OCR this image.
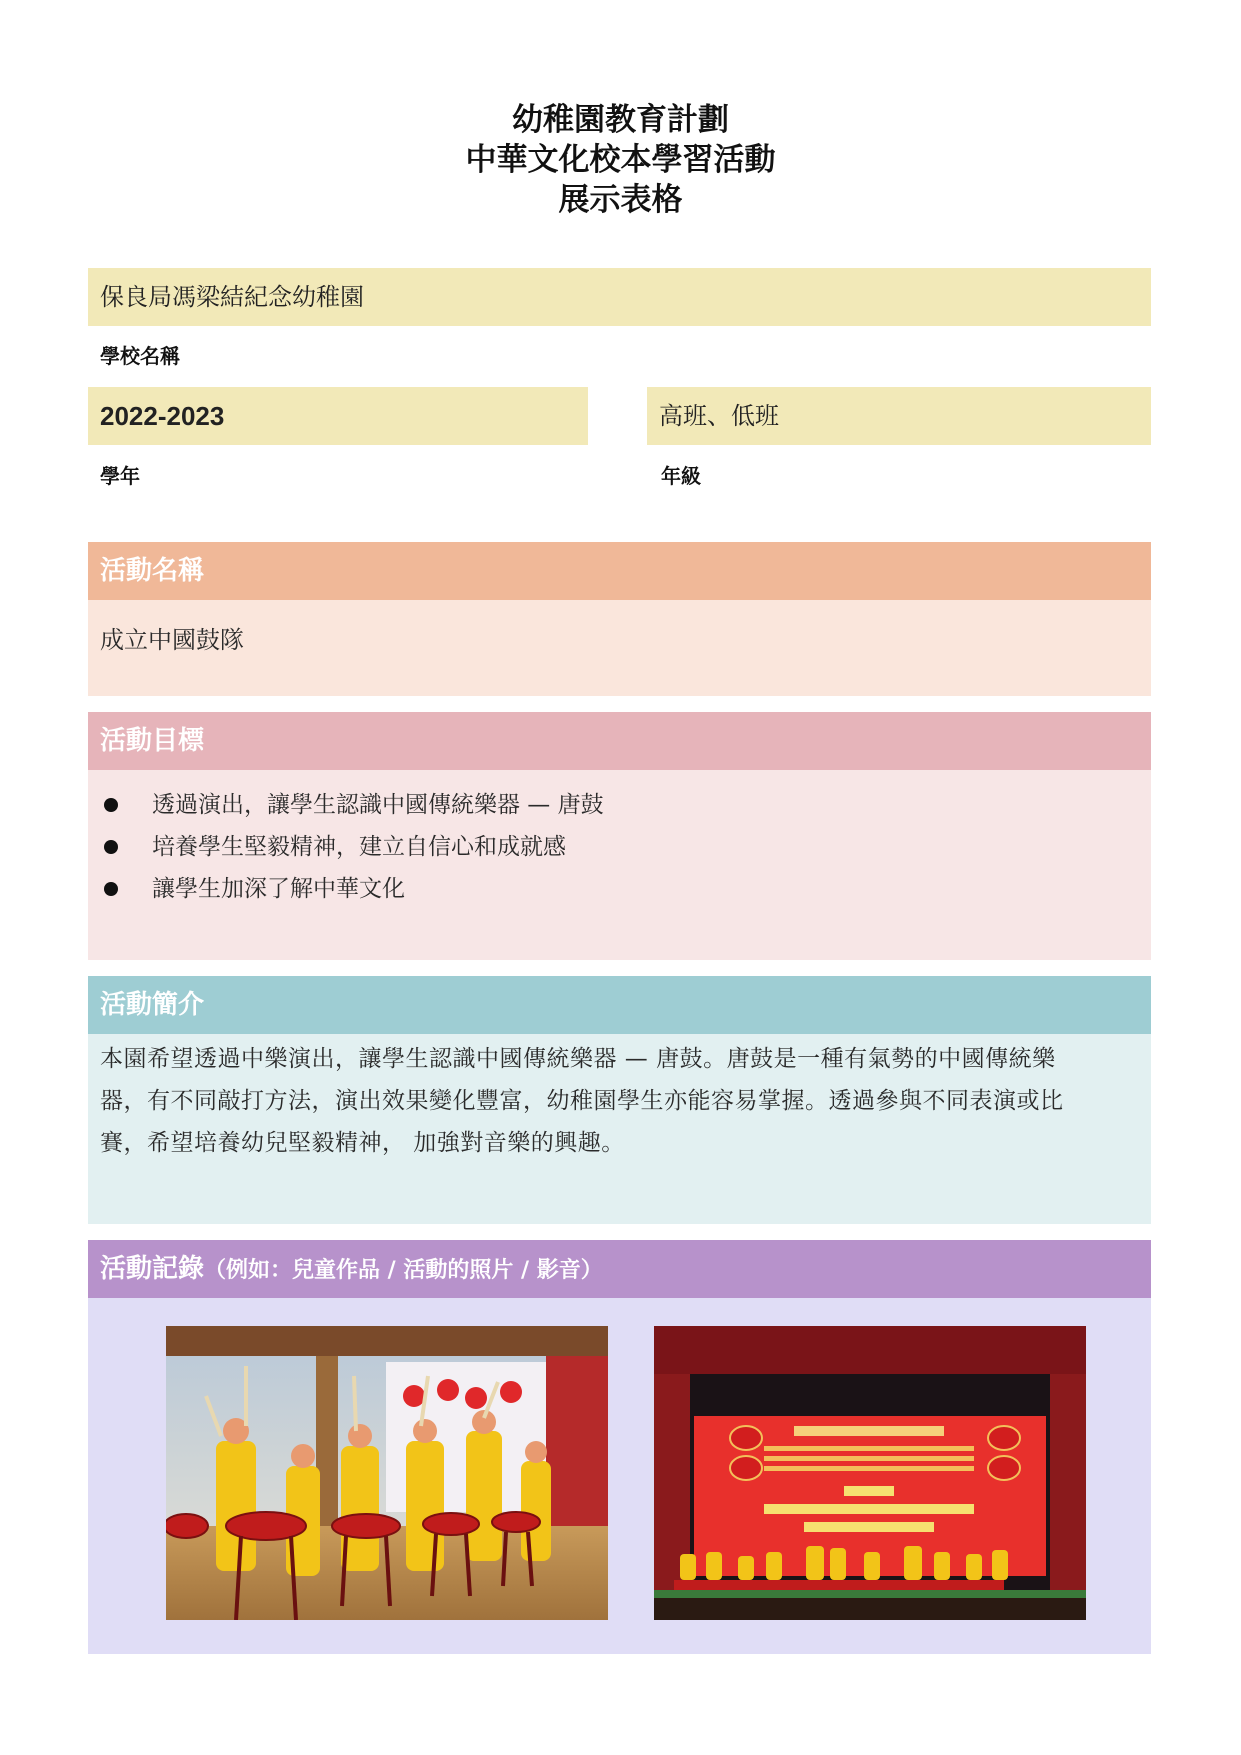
幼稚園教育計劃
中華文化校本學習活動
展示表格
保良局馮梁結紀念幼稚園
學校名稱
2022-2023
學年
高班、低班
年級
活動名稱
成立中國鼓隊
活動目標
透過演出，讓學生認識中國傳統樂器 — 唐鼓
培養學生堅毅精神，建立自信心和成就感
讓學生加深了解中華文化
活動簡介
本園希望透過中樂演出，讓學生認識中國傳統樂器 — 唐鼓。唐鼓是一種有氣勢的中國傳統樂
器，有不同敲打方法，演出效果變化豐富，幼稚園學生亦能容易掌握。透過參與不同表演或比
賽，希望培養幼兒堅毅精神， 加強對音樂的興趣。
活動記錄（例如：兒童作品 / 活動的照片 / 影音）
